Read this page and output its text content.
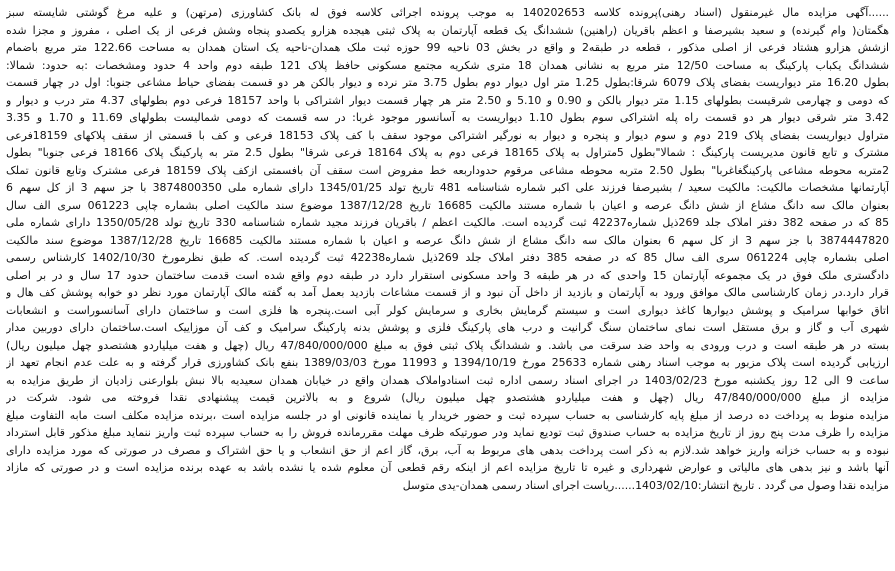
......آگهی مزایده مال غیرمنقول (اسناد رهنی)پرونده کلاسه 140202653 به موجب پرونده اجرائی کلاسه فوق له بانک کشاورزی (مرتهن) و علیه مرغ گوشتی شایسته سبز
هگمتان( وام گیرنده) و سعید بشیرصفا و اعظم باقریان (راهنین) ششدانگ یک قطعه آپارتمان به پلاک ثبتی هیجده هزارو یکصدو پنجاه وشش فرعی از یک اصلی ، مفروز و مجزا شده
ازشش هزارو هشتاد فرعی از اصلی مذکور ، قطعه در طبقه2 و واقع در بخش 03 ناحیه 99 حوزه ثبت ملک همدان-ناحیه یک استان همدان به مساحت 122.66 متر مربع باضمام
ششدانگ یکباب پارکینگ به مساحت 12/50 متر مربع به نشانی همدان 18 متری شکریه مجتمع مسکونی حافظ پلاک 121 طبقه دوم واحد 4 حدود ومشخصات :به حدود: شمالا:
بطول 16.20 متر دیواریست بفضای پلاک 6079 شرقا:بطول 1.25 متر اول دیوار دوم بطول 3.75 متر نرده و دیوار بالکن هر دو قسمت بفضای حیاط مشاعی جنوبا: اول در چهار قسمت
که دومی و چهارمی شرقیست بطولهای 1.15 متر دیوار بالکن و 0.90 و 5.10 و 2.50 متر هر چهار قسمت دیوار اشتراکی با واحد 18157 فرعی دوم بطولهای 4.37 متر درب و دیوار و
3.42 متر شرقی دیوار هر دو قسمت راه پله اشتراکی سوم بطول 1.10 دیواریست به آسانسور موجود غربا: در سه قسمت که دومی شمالیست بطولهای 11.69 و 1.70 و 3.35
متراول دیواریست بفضای پلاک 219 دوم و سوم دیوار و پنجره و دیوار به نورگیر اشتراکی موجود سقف با کف پلاک 18153 فرعی و کف با قسمتی از سقف پلاکهای 18159فرعی
مشترک و تابع قانون مدیریست پارکینگ : شمالا"بطول 5متراول به پلاک 18165 فرعی دوم به پلاک 18164 فرعی شرقا" بطول 2.5 متر به پارکینگ پلاک 18166 فرعی جنوبا" بطول
2متربه محوطه مشاعی پارکینگغاغربا" بطول 2.50 متربه محوطه مشاعی مرقوم حدوداربعه خط مفروض است سقف آن بافسمتی ازکف پلاک 18159 فرعی مشترک وتابع قانون تملک
آپارتمانها مشخصات مالکیت: مالکیت سعید / بشیرصفا فرزند علی اکبر شماره شناسنامه 481 تاریخ تولد 1345/01/25 دارای شماره ملی 3874800350 با جز سهم 3 از کل سهم 6
بعنوان مالک سه دانگ مشاع از شش دانگ عرصه و اعیان با شماره مستند مالکیت 16685 تاریخ 1387/12/28 موضوع سند مالکیت اصلی بشماره چاپی 061223 سری الف سال
85 که در صفحه 382 دفتر املاک جلد 269ذیل شماره42237 ثبت گردیده است. مالکیت اعظم / باقریان فرزند مجید شماره شناسنامه 330 تاریخ تولد 1350/05/28 دارای شماره ملی
3874447820 با جز سهم 3 از کل سهم 6 بعنوان مالک سه دانگ مشاع از شش دانگ عرصه و اعیان با شماره مستند مالکیت 16685 تاریخ 1387/12/28 موضوع سند مالکیت
اصلی بشماره چاپی 061224 سری الف سال 85 که در صفحه 385 دفتر املاک جلد 269ذیل شماره42238 ثبت گردیده است. که طبق نظرمورخ 1402/10/30 کارشناس رسمی
دادگستری ملک فوق در یک مجموعه آپارتمان 15 واحدی که در هر طبقه 3 واحد مسکونی استقرار دارد در طبقه دوم واقع شده است قدمت ساختمان حدود 17 سال و در بر اصلی
قرار دارد.در زمان کارشناسی مالک موافق ورود به آپارتمان و بازدید از داخل آن نبود و از قسمت مشاعات بازدید بعمل آمد به گفته مالک آپارتمان مورد نظر دو خوابه پوشش کف هال و
اتاق خوابها سرامیک و پوشش دیوارها کاغذ دیواری است و سیستم گرمایش بخاری و سرمایش کولر آبی است.پنجره ها فلزی است و ساختمان دارای آسانسوراست و انشعابات
شهری آب و گاز و برق مستقل است نمای ساختمان سنگ گرانیت و درب های پارکینگ فلزی و پوشش بدنه پارکینگ سرامیک و کف آن موزاییک است.ساختمان دارای دوربین مدار
بسته در هر طبقه است و درب ورودی به واحد ضد سرقت می باشد. و ششدانگ پلاک ثبتی فوق به مبلغ 47/840/000/000 ریال (چهل و هفت میلیاردو هشتصدو چهل میلیون ریال)
ارزیابی گردیده است پلاک مزبور به موجب اسناد رهنی شماره 25633 مورخ 1394/10/19 و 11993 مورخ 1389/03/03 بنفع بانک کشاورزی قرار گرفته و به علت عدم انجام تعهد از
ساعت 9 الی 12 روز یکشنبه مورخ 1403/02/23 در اجرای اسناد رسمی اداره ثبت اسنادواملاک همدان واقع در خیابان همدان سعیدیه بالا نبش بلوارعنی زادیان از طریق مزایده به
مزایده از مبلغ 47/840/000/000 ریال (چهل و هفت میلیاردو هشتصدو چهل میلیون ریال) شروع و به بالاترین قیمت پیشنهادی نقدا فروخته می شود. شرکت در
مزایده منوط به پرداخت ده درصد از مبلغ پایه کارشناسی به حساب سپرده ثبت و حضور خریدار یا نماینده قانونی او در جلسه مزایده است ،برنده مزایده مکلف است مابه التفاوت مبلغ
مزایده را ظرف مدت پنج روز از تاریخ مزایده به حساب صندوق ثبت تودیع نماید ودر صورتیکه ظرف مهلت مقررمانده فروش را به حساب سپرده ثبت واریز ننماید مبلغ مذکور قابل استرداد
نبوده و به حساب خزانه واریز خواهد شد.لازم به ذکر است پرداخت بدهی های مربوط به آب، برق، گاز اعم از حق انشعاب و یا حق اشتراک و مصرف در صورتی که مورد مزایده دارای
آنها باشد و نیز بدهی های مالیاتی و عوارض شهرداری و غیره تا تاریخ مزایده اعم از اینکه رقم قطعی آن معلوم شده یا نشده باشد به عهده برنده مزایده است و در صورتی که مازاد
مزایده نقدا وصول می گردد . تاریخ انتشار:1403/02/10......ریاست اجرای اسناد رسمی همدان-یدی متوسل
